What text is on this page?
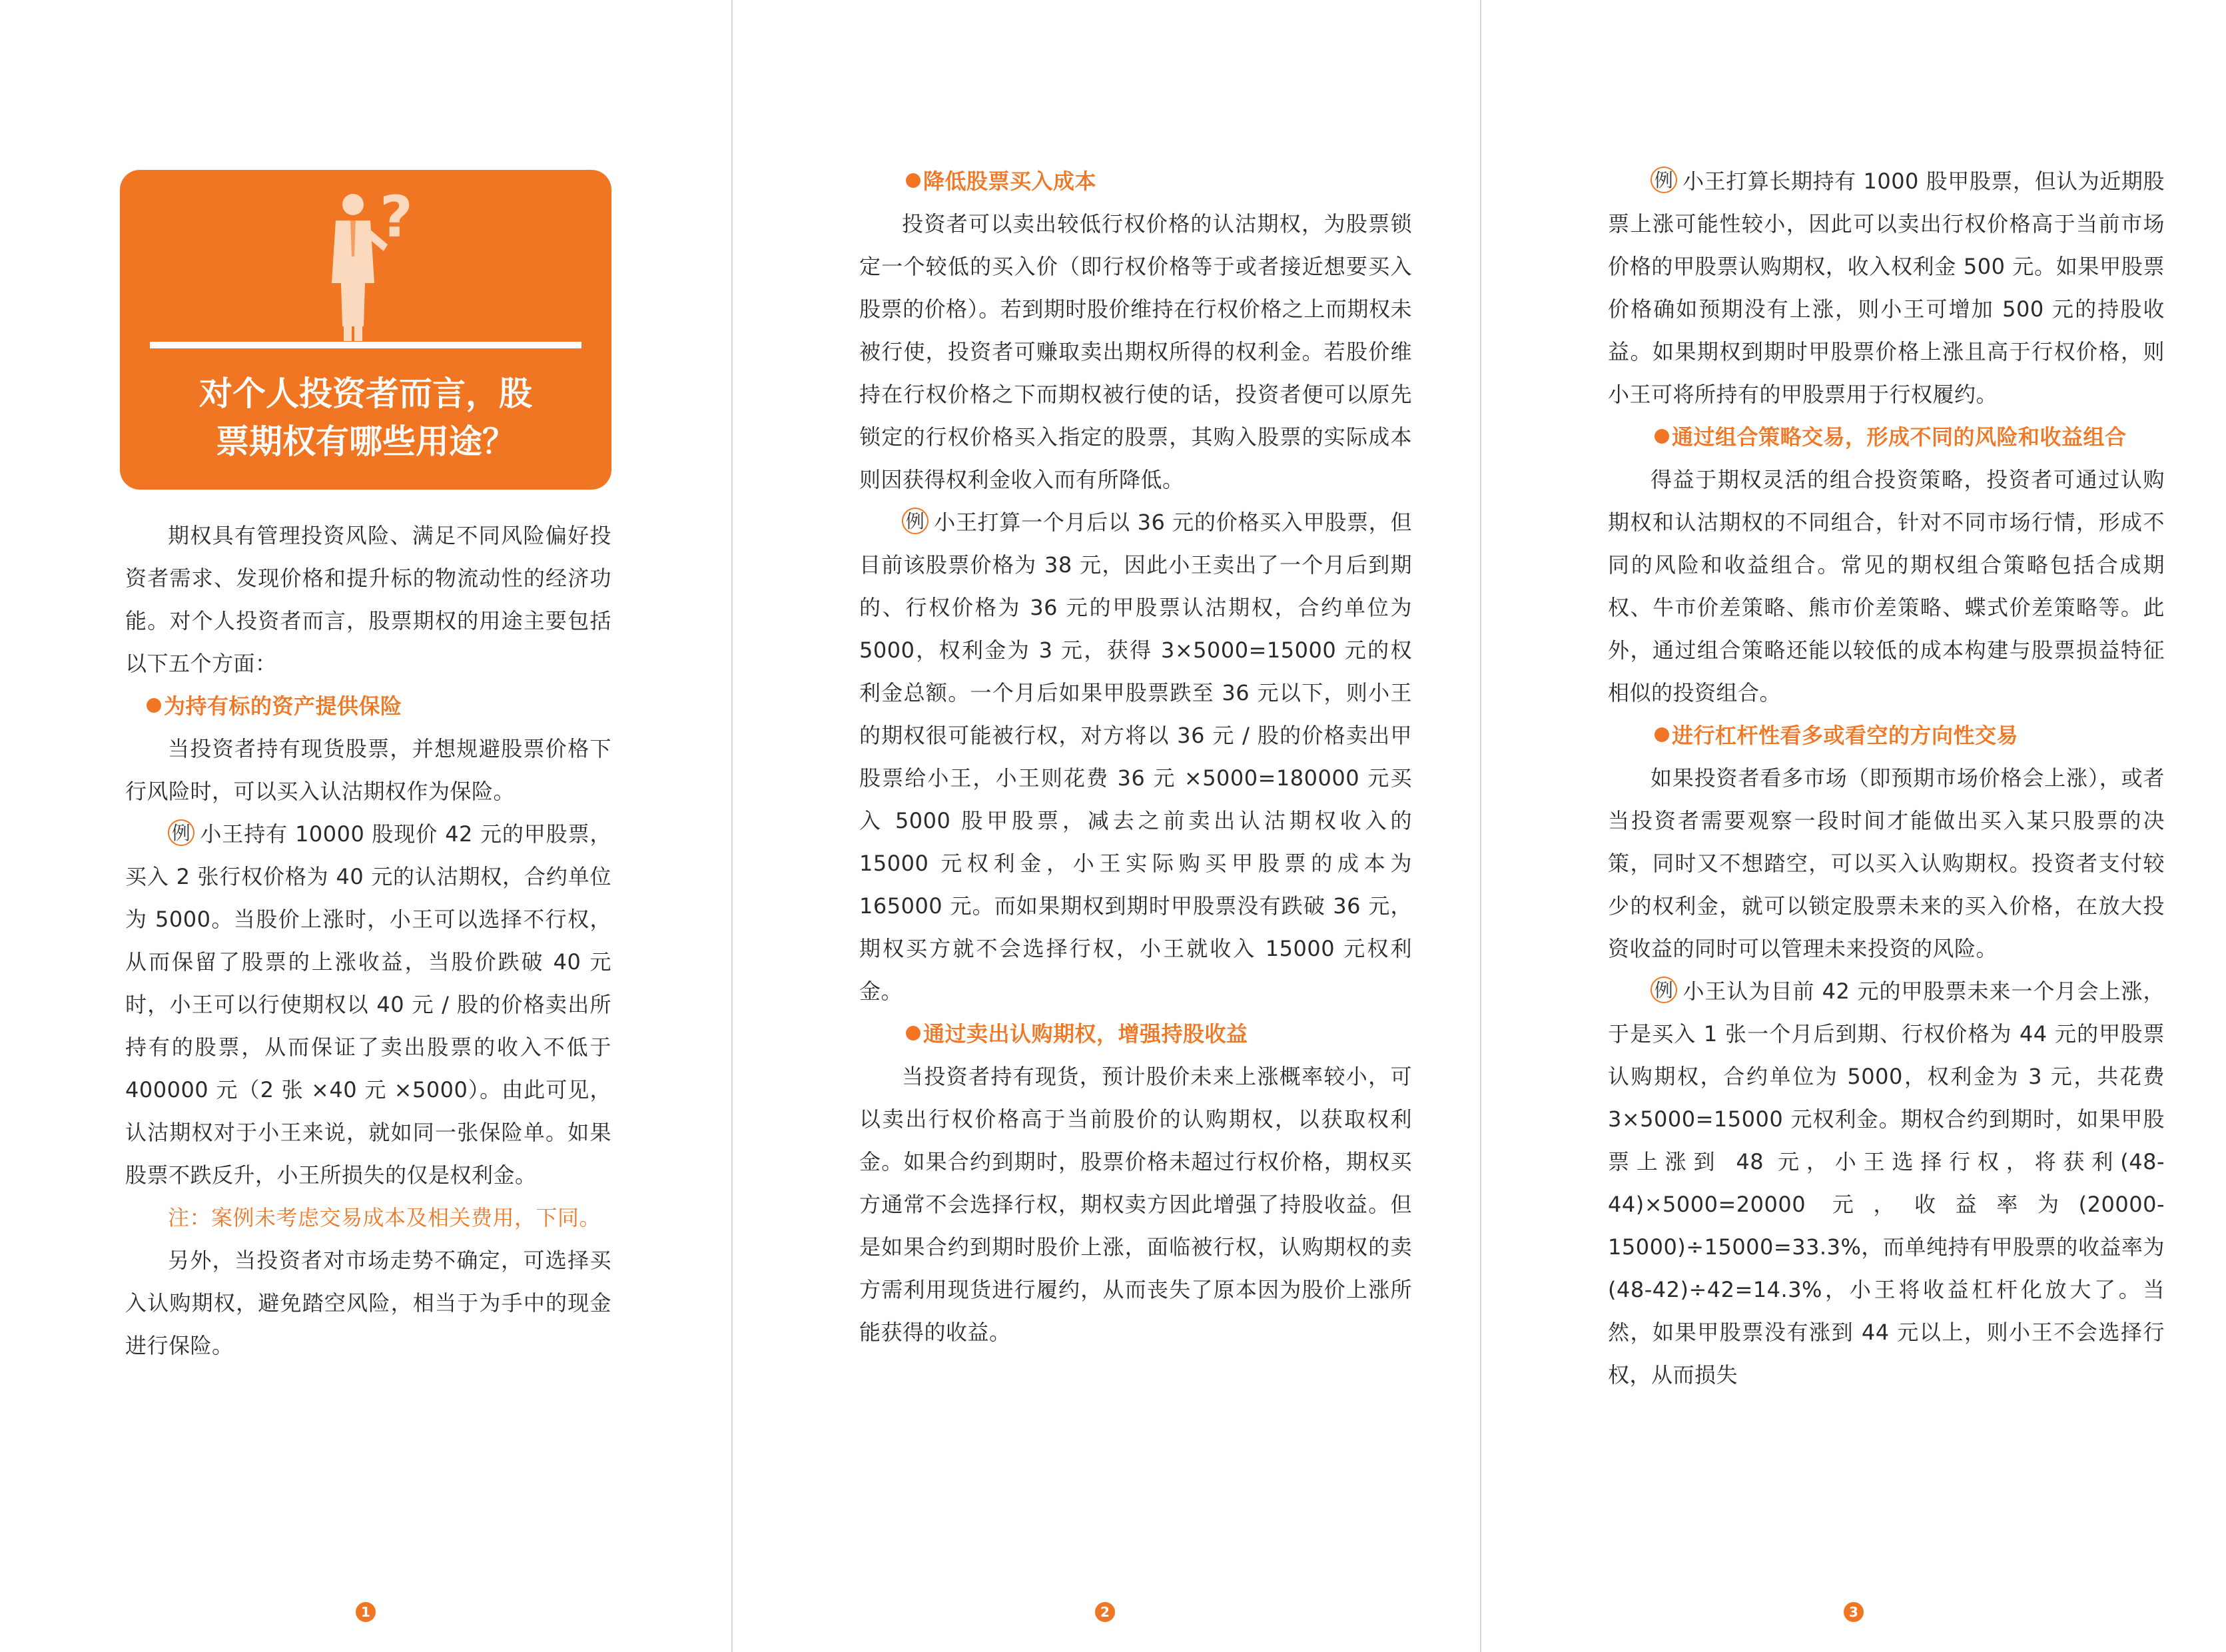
?
对个人投资者而言，股
票期权有哪些用途？

期权具有管理投资风险、满足不同风险偏好投资者需求、发现价格和提升标的物流动性的经济功能。对个人投资者而言，股票期权的用途主要包括以下五个方面：

为持有标的资产提供保险

当投资者持有现货股票，并想规避股票价格下行风险时，可以买入认沽期权作为保险。

例 小王持有 10000 股现价 42 元的甲股票，买入 2 张行权价格为 40 元的认沽期权，合约单位为 5000。当股价上涨时，小王可以选择不行权，从而保留了股票的上涨收益，当股价跌破 40 元时，小王可以行使期权以 40 元 / 股的价格卖出所持有的股票，从而保证了卖出股票的收入不低于 400000 元（2 张 ×40 元 ×5000）。由此可见，认沽期权对于小王来说，就如同一张保险单。如果股票不跌反升，小王所损失的仅是权利金。

注：案例未考虑交易成本及相关费用，下同。

另外，当投资者对市场走势不确定，可选择买入认购期权，避免踏空风险，相当于为手中的现金进行保险。

1

降低股票买入成本

投资者可以卖出较低行权价格的认沽期权，为股票锁定一个较低的买入价（即行权价格等于或者接近想要买入股票的价格）。若到期时股价维持在行权价格之上而期权未被行使，投资者可赚取卖出期权所得的权利金。若股价维持在行权价格之下而期权被行使的话，投资者便可以原先锁定的行权价格买入指定的股票，其购入股票的实际成本则因获得权利金收入而有所降低。

例 小王打算一个月后以 36 元的价格买入甲股票，但目前该股票价格为 38 元，因此小王卖出了一个月后到期的、行权价格为 36 元的甲股票认沽期权，合约单位为 5000，权利金为 3 元，获得 3×5000=15000 元的权利金总额。一个月后如果甲股票跌至 36 元以下，则小王的期权很可能被行权，对方将以 36 元 / 股的价格卖出甲股票给小王，小王则花费 36 元 ×5000=180000 元买入 5000 股甲股票，减去之前卖出认沽期权收入的 15000 元权利金，小王实际购买甲股票的成本为 165000 元。而如果期权到期时甲股票没有跌破 36 元，期权买方就不会选择行权，小王就收入 15000 元权利金。

通过卖出认购期权，增强持股收益

当投资者持有现货，预计股价未来上涨概率较小，可以卖出行权价格高于当前股价的认购期权，以获取权利金。如果合约到期时，股票价格未超过行权价格，期权买方通常不会选择行权，期权卖方因此增强了持股收益。但是如果合约到期时股价上涨，面临被行权，认购期权的卖方需利用现货进行履约，从而丧失了原本因为股价上涨所能获得的收益。

2

例 小王打算长期持有 1000 股甲股票，但认为近期股票上涨可能性较小，因此可以卖出行权价格高于当前市场价格的甲股票认购期权，收入权利金 500 元。如果甲股票价格确如预期没有上涨，则小王可增加 500 元的持股收益。如果期权到期时甲股票价格上涨且高于行权价格，则小王可将所持有的甲股票用于行权履约。

通过组合策略交易，形成不同的风险和收益组合

得益于期权灵活的组合投资策略，投资者可通过认购期权和认沽期权的不同组合，针对不同市场行情，形成不同的风险和收益组合。常见的期权组合策略包括合成期权、牛市价差策略、熊市价差策略、蝶式价差策略等。此外，通过组合策略还能以较低的成本构建与股票损益特征相似的投资组合。

进行杠杆性看多或看空的方向性交易

如果投资者看多市场（即预期市场价格会上涨），或者当投资者需要观察一段时间才能做出买入某只股票的决策，同时又不想踏空，可以买入认购期权。投资者支付较少的权利金，就可以锁定股票未来的买入价格，在放大投资收益的同时可以管理未来投资的风险。

例 小王认为目前 42 元的甲股票未来一个月会上涨，于是买入 1 张一个月后到期、行权价格为 44 元的甲股票认购期权，合约单位为 5000，权利金为 3 元，共花费 3×5000=15000 元权利金。期权合约到期时，如果甲股票上涨到 48 元，小王选择行权，将获利(48-44)×5000=20000 元，收益率为(20000-15000)÷15000=33.3%，而单纯持有甲股票的收益率为(48-42)÷42=14.3%，小王将收益杠杆化放大了。当然，如果甲股票没有涨到 44 元以上，则小王不会选择行权，从而损失

3
